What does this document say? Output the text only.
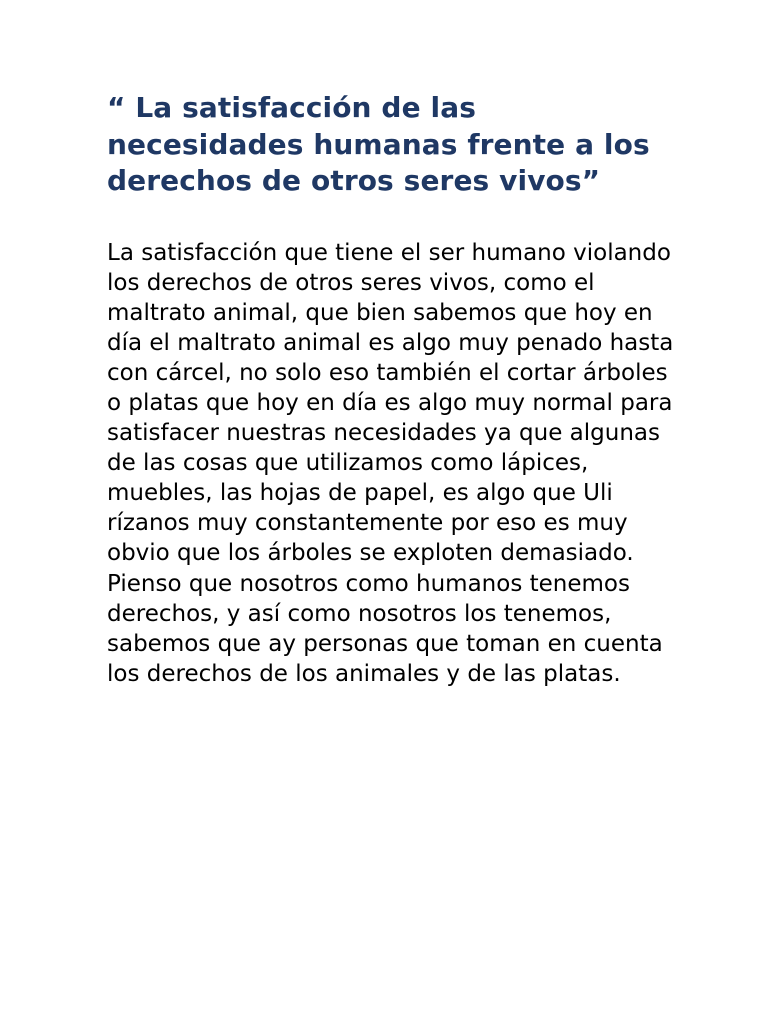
“ La satisfacción de las necesidades humanas frente a los derechos de otros seres vivos”

La satisfacción que tiene el ser humano violando los derechos de otros seres vivos, como el maltrato animal, que bien sabemos que hoy en día el maltrato animal es algo muy penado hasta con cárcel, no solo eso también el cortar árboles o platas que hoy en día es algo muy normal para satisfacer nuestras necesidades ya que algunas de las cosas que utilizamos como lápices, muebles, las hojas de papel, es algo que Uli rízanos muy constantemente por eso es muy obvio que los árboles se exploten demasiado.

Pienso que nosotros como humanos tenemos derechos, y así como nosotros los tenemos, sabemos que ay personas que toman en cuenta los derechos de los animales y de las platas.
